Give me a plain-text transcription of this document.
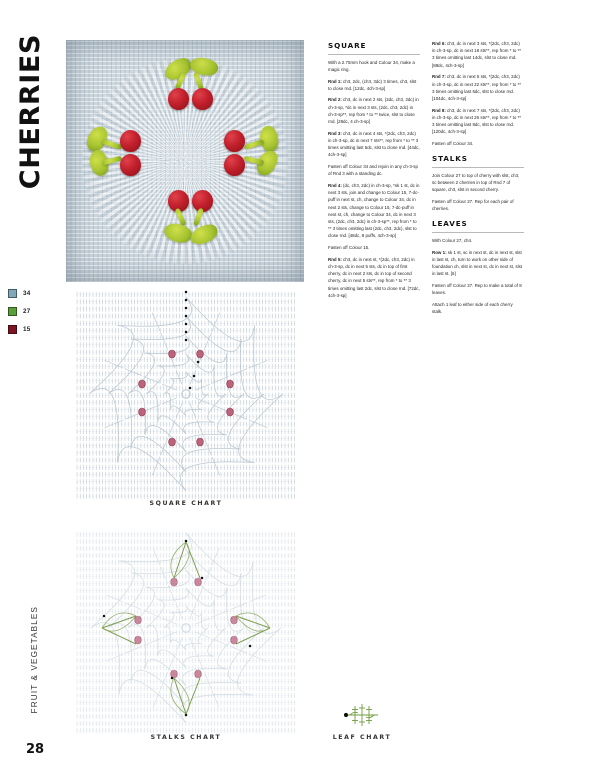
CHERRIES
34
27
15
FRUIT & VEGETABLES
28
SQUARE CHART
STALKS CHART	LEAF CHART
SQUARE

With a 2.75mm hook and Colour 34, make a magic ring.

Rnd 1: ch3, 2dc, (ch3, 3dc) 3 times, ch3, slst to close rnd. [12dc, 4ch-3-sp]

Rnd 2: ch3, dc in next 2 sts, (2dc, ch3, 2dc) in ch-3-sp, *dc in next 3 sts, (2dc, ch3, 2dc) in ch-3-sp**, rep from * to ** twice, slst to close rnd. [28dc, 4 ch-3-sp]

Rnd 3: ch3, dc in next 4 sts, *(2dc, ch3, 2dc) in ch-3-sp, dc in next 7 sts**, rep from * to ** 3 times omitting last 5dc, slst to close rnd. [44dc, 4ch-3-sp]

Fasten off Colour 34 and rejoin in any ch-3-sp of Rnd 3 with a standing dc.

Rnd 4: (dc, ch3, 2dc) in ch-3-sp, *sk 1 st, dc in next 3 sts, join and change to Colour 15, 7-dc-puff in next st, ch, change to Colour 34, dc in next 2 sts, change to Colour 15, 7-dc-puff in next st, ch, change to Colour 34, dc in next 3 sts, (2dc, ch3, 2dc) in ch-3-sp**, rep from * to ** 3 times omitting last (2dc, ch3, 2dc), slst to close rnd. [48dc, 8 puffs, 4ch-3-sp]

Fasten off Colour 15.

Rnd 5: ch3, dc in next st, *(2dc, ch3, 2dc) in ch-3-sp, dc in next 5 sts, dc in top of first cherry, dc in next 2 sts, dc in top of second cherry, dc in next 5 sts**, rep from * to ** 3 times omitting last 2dc, slst to close rnd. [72dc, 4ch-3-sp]

Rnd 6: ch3, dc in next 3 sts, *(2dc, ch3, 2dc) in ch-3-sp, dc in next 18 sts**, rep from * to ** 3 times omitting last 14dc, slst to close rnd. [88dc, 4ch-3-sp]

Rnd 7: ch3, dc in next 5 sts, *(2dc, ch3, 2dc) in ch-3-sp, dc in next 22 sts**, rep from * to ** 3 times omitting last 6dc, slst to close rnd. [104dc, 4ch-3-sp]

Rnd 8: ch3, dc in next 7 sts, *(2dc, ch3, 2dc) in ch-3-sp, dc in next 26 sts**, rep from * to ** 3 times omitting last 8dc, slst to close rnd. [120dc, 4ch-3-sp]

Fasten off Colour 34.

STALKS

Join Colour 27 to top of cherry with slst, ch3, sc between 2 cherries in top of Rnd 7 of square, ch3, slst in second cherry.

Fasten off Colour 27. Rep for each pair of cherries.

LEAVES

With Colour 27, ch4.

Row 1: sk 1 st, sc in next st, dc in next st, slst in last st, ch, turn to work on other side of foundation ch, slst in next st, dc in next st, slst in last st. [6]

Fasten off Colour 27. Rep to make a total of 8 leaves.

Attach 1 leaf to either side of each cherry stalk.
